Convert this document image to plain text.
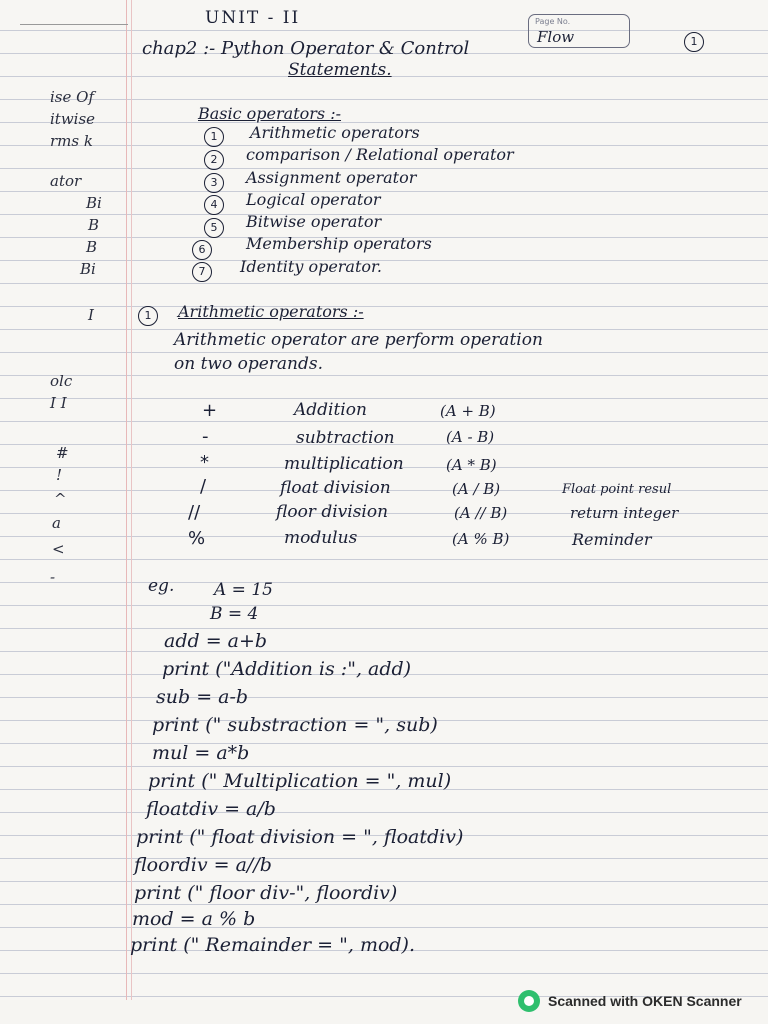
ise Of
itwise
rms k
ator
Bi
B
B
Bi
I
olc
I I
#
!
^
a
<
-
UNIT - II	Page No.
Flow	1
chap2 :- Python Operator & Control
Statements.
Basic operators :-
1	Arithmetic operators
2	comparison / Relational operator
3	Assignment operator
4	Logical operator
5	Bitwise operator
6	Membership operators
7	Identity operator.
1	Arithmetic operators :-
Arithmetic operator are perform operation
on two operands.
+	Addition	(A + B)
-	subtraction	(A - B)
*	multiplication	(A * B)
/	float division	(A / B)	Float point resul
//	floor division	(A // B)	return integer
%	modulus	(A % B)	Reminder
eg. A = 15
B = 4
add = a+b
print ("Addition is :", add)
sub = a-b
print (" substraction = ", sub)
mul = a*b
print (" Multiplication = ", mul)
floatdiv = a/b
print (" float division = ", floatdiv)
floordiv = a//b
print (" floor div-", floordiv)
mod = a % b
print (" Remainder = ", mod).
Scanned with OKEN Scanner
